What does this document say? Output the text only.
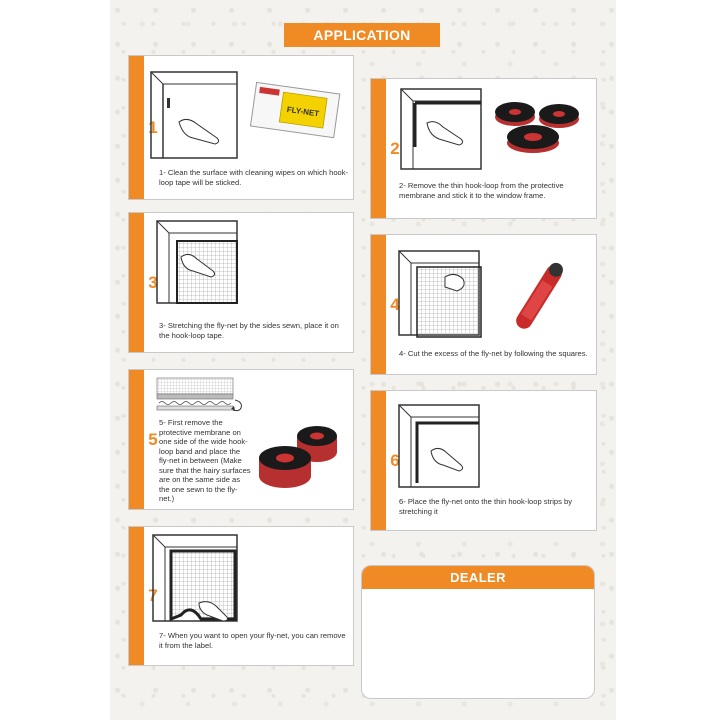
APPLICATION
1
FLY-NET
1- Clean the surface with cleaning wipes on which hook-loop tape will be sticked.
2
2- Remove the thin hook-loop from the protective membrane and stick it to the window frame.
3
3- Stretching the fly-net by the sides sewn, place it on the hook-loop tape.
4
4- Cut the excess of the fly-net by following the squares.
5
5- First remove the protective membrane on one side of the wide hook-loop band and place the fly-net in between (Make sure that the hairy surfaces are on the same side as the one sewn to the fly-net.)
6
6- Place the fly-net onto the thin hook-loop strips by stretching it
7
7- When you want to open your fly-net, you can remove it from the label.
DEALER
